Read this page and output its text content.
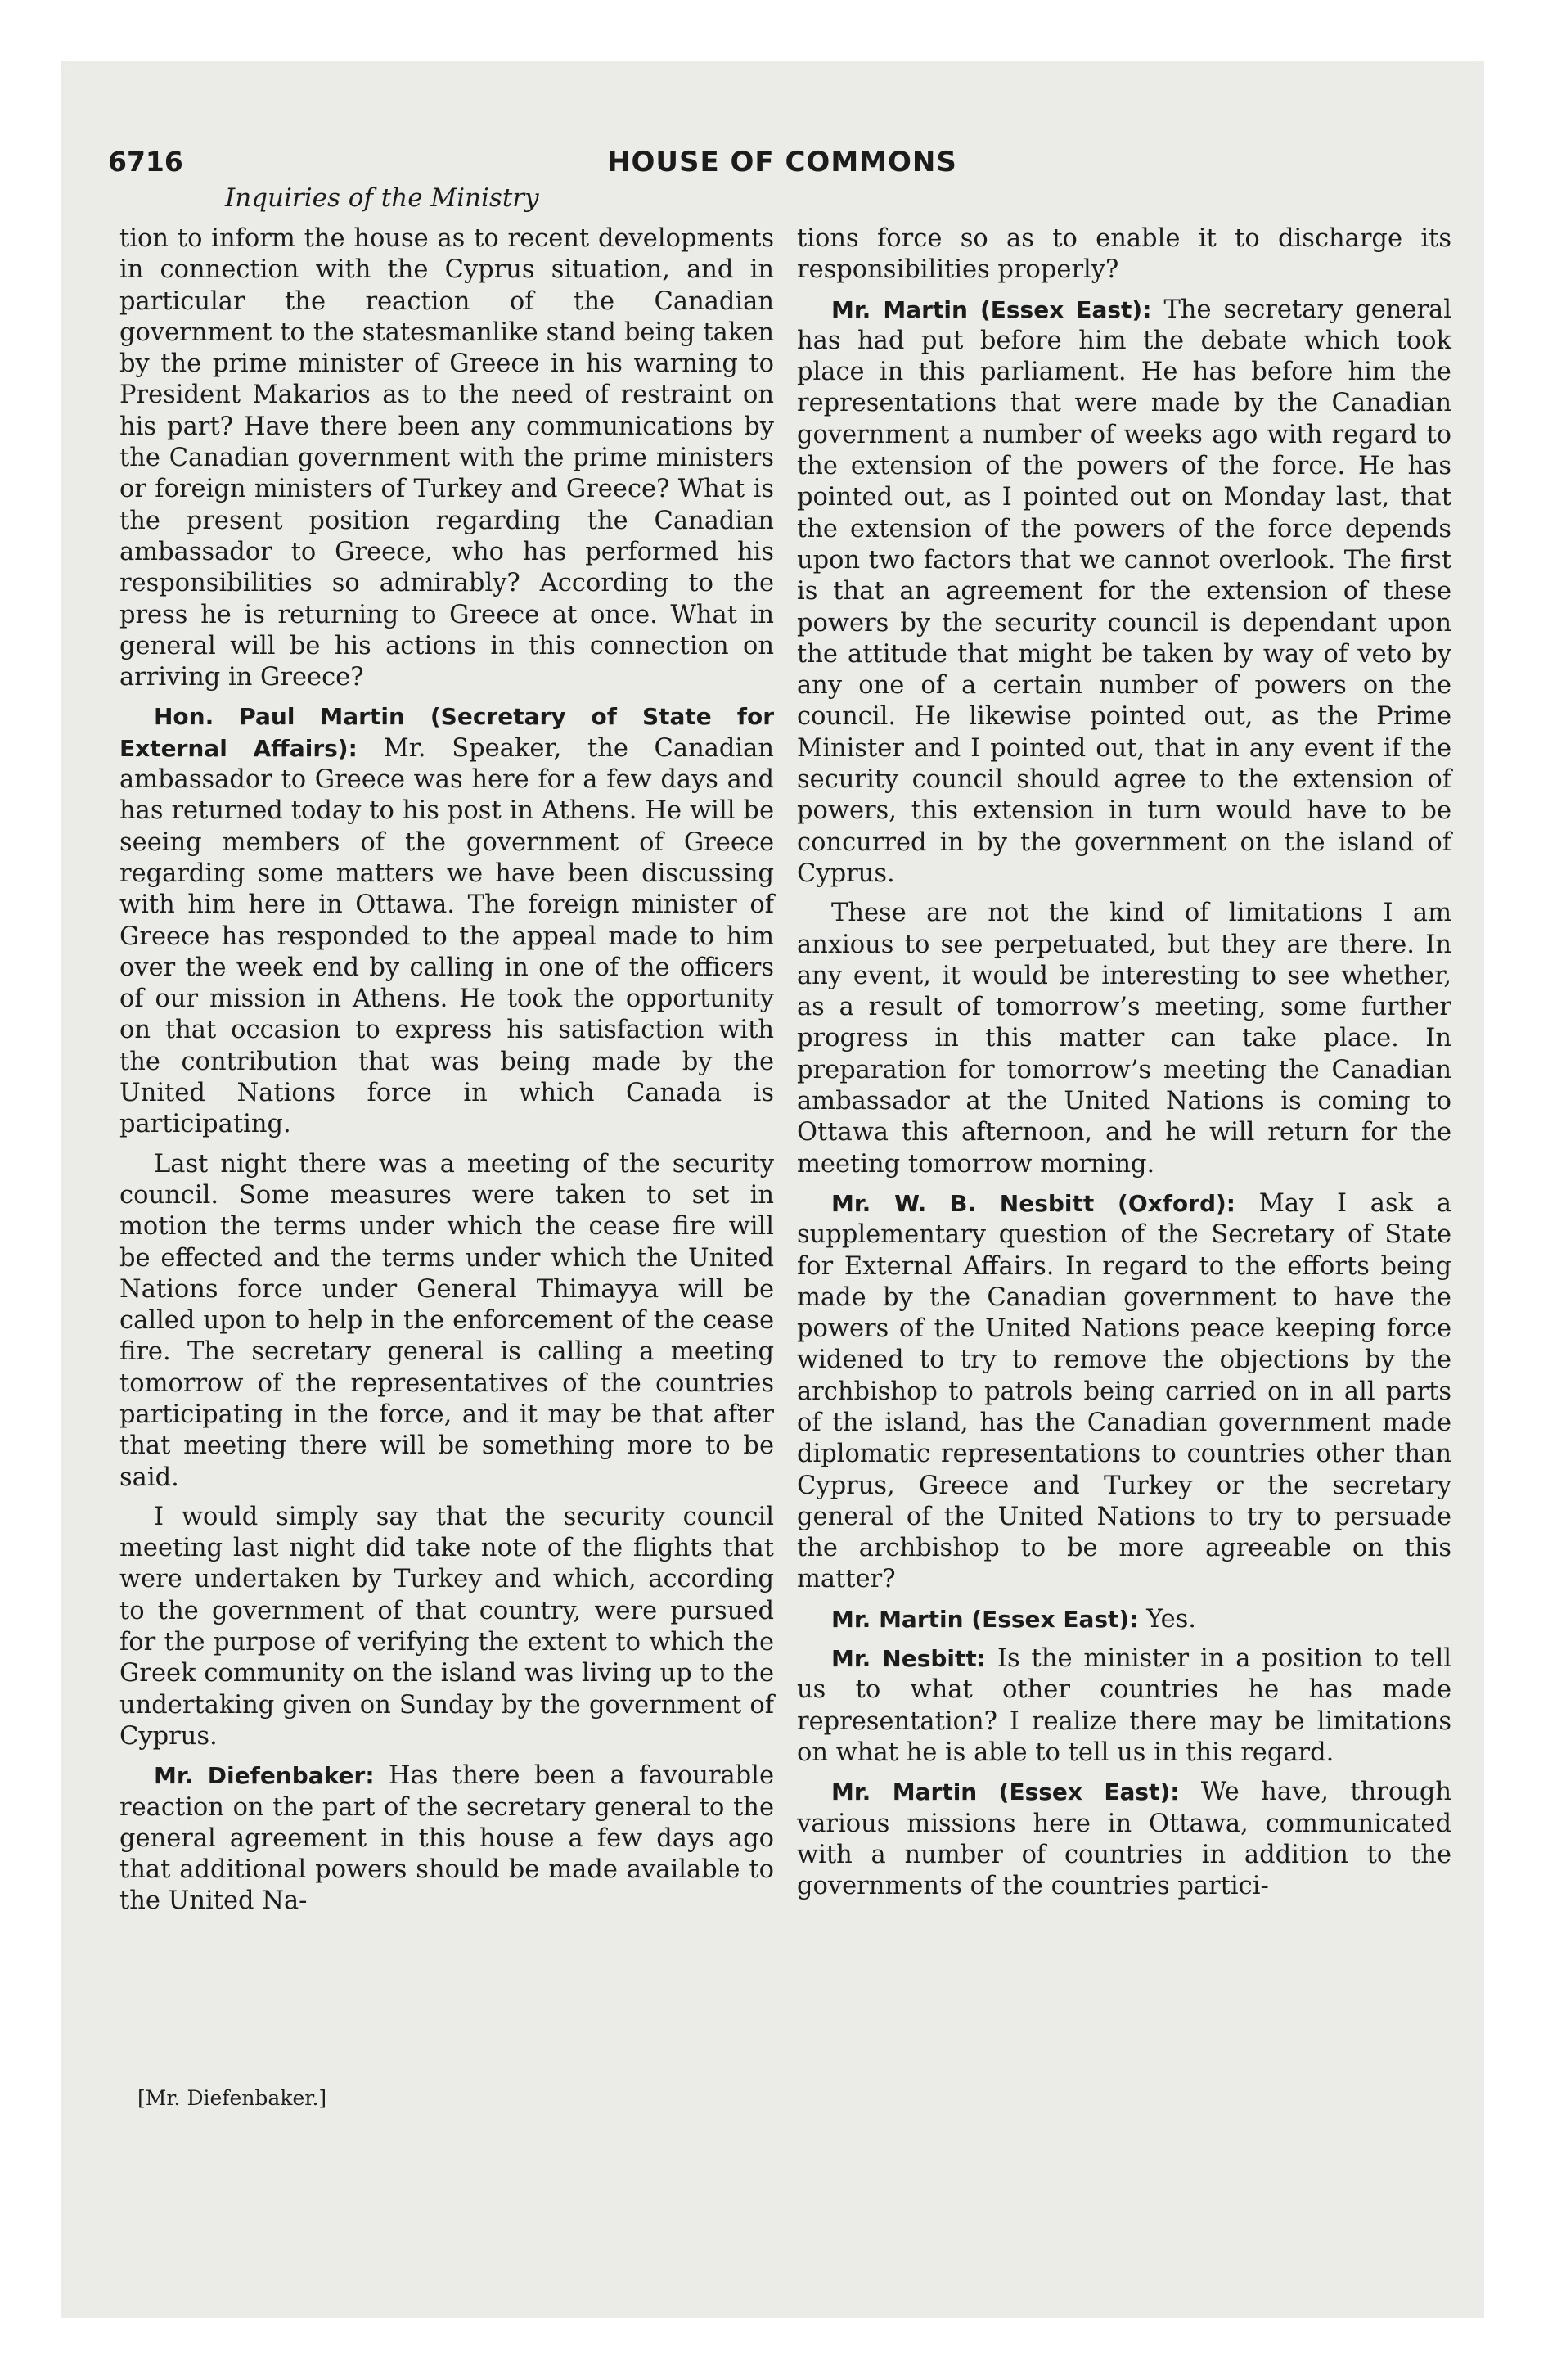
6716	HOUSE OF COMMONS
Inquiries of the Ministry

tion to inform the house as to recent developments in connection with the Cyprus situation, and in particular the reaction of the Canadian government to the statesmanlike stand being taken by the prime minister of Greece in his warning to President Makarios as to the need of restraint on his part? Have there been any communications by the Canadian government with the prime ministers or foreign ministers of Turkey and Greece? What is the present position regarding the Canadian ambassador to Greece, who has performed his responsibilities so admirably? According to the press he is returning to Greece at once. What in general will be his actions in this connection on arriving in Greece?

Hon. Paul Martin (Secretary of State for External Affairs): Mr. Speaker, the Canadian ambassador to Greece was here for a few days and has returned today to his post in Athens. He will be seeing members of the government of Greece regarding some matters we have been discussing with him here in Ottawa. The foreign minister of Greece has responded to the appeal made to him over the week end by calling in one of the officers of our mission in Athens. He took the opportunity on that occasion to express his satisfaction with the contribution that was being made by the United Nations force in which Canada is participating.

Last night there was a meeting of the security council. Some measures were taken to set in motion the terms under which the cease fire will be effected and the terms under which the United Nations force under General Thimayya will be called upon to help in the enforcement of the cease fire. The secretary general is calling a meeting tomorrow of the representatives of the countries participating in the force, and it may be that after that meeting there will be something more to be said.

I would simply say that the security council meeting last night did take note of the flights that were undertaken by Turkey and which, according to the government of that country, were pursued for the purpose of verifying the extent to which the Greek community on the island was living up to the undertaking given on Sunday by the government of Cyprus.

Mr. Diefenbaker: Has there been a favourable reaction on the part of the secretary general to the general agreement in this house a few days ago that additional powers should be made available to the United Na-

tions force so as to enable it to discharge its responsibilities properly?

Mr. Martin (Essex East): The secretary general has had put before him the debate which took place in this parliament. He has before him the representations that were made by the Canadian government a number of weeks ago with regard to the extension of the powers of the force. He has pointed out, as I pointed out on Monday last, that the extension of the powers of the force depends upon two factors that we cannot overlook. The first is that an agreement for the extension of these powers by the security council is dependant upon the attitude that might be taken by way of veto by any one of a certain number of powers on the council. He likewise pointed out, as the Prime Minister and I pointed out, that in any event if the security council should agree to the extension of powers, this extension in turn would have to be concurred in by the government on the island of Cyprus.

These are not the kind of limitations I am anxious to see perpetuated, but they are there. In any event, it would be interesting to see whether, as a result of tomorrow’s meeting, some further progress in this matter can take place. In preparation for tomorrow’s meeting the Canadian ambassador at the United Nations is coming to Ottawa this afternoon, and he will return for the meeting tomorrow morning.

Mr. W. B. Nesbitt (Oxford): May I ask a supplementary question of the Secretary of State for External Affairs. In regard to the efforts being made by the Canadian government to have the powers of the United Nations peace keeping force widened to try to remove the objections by the archbishop to patrols being carried on in all parts of the island, has the Canadian government made diplomatic representations to countries other than Cyprus, Greece and Turkey or the secretary general of the United Nations to try to persuade the archbishop to be more agreeable on this matter?

Mr. Martin (Essex East): Yes.

Mr. Nesbitt: Is the minister in a position to tell us to what other countries he has made representation? I realize there may be limitations on what he is able to tell us in this regard.

Mr. Martin (Essex East): We have, through various missions here in Ottawa, communicated with a number of countries in addition to the governments of the countries partici-

[Mr. Diefenbaker.]
